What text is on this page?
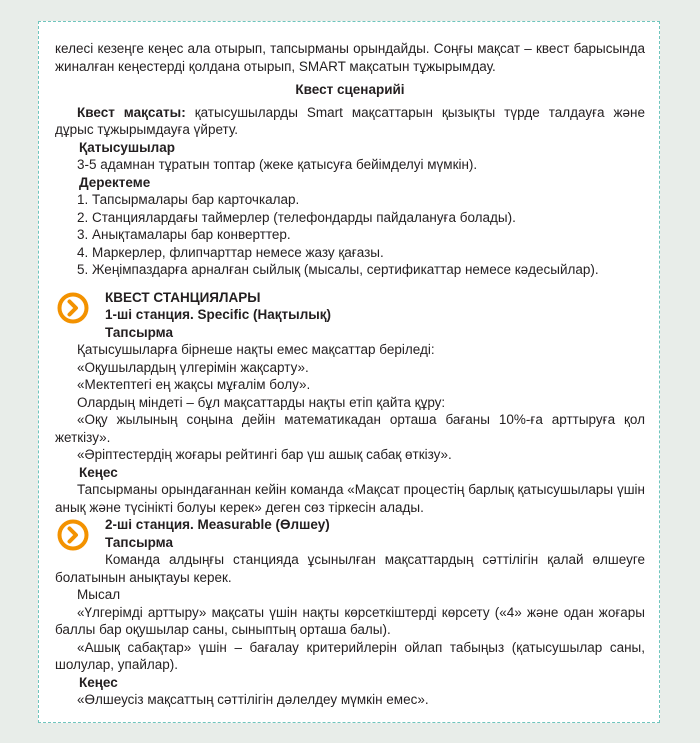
келесі кезеңге кеңес ала отырып, тапсырманы орындайды. Соңғы мақсат – квест барысында жиналған кеңестерді қолдана отырып, SMART мақсатын тұжырымдау.

Квест сценарийі

Квест мақсаты: қатысушыларды Smart мақсаттарын қызықты түрде талдауға және дұрыс тұжырымдауға үйрету.

Қатысушылар

3-5 адамнан тұратын топтар (жеке қатысуға бейімделуі мүмкін).

Деректеме

1. Тапсырмалары бар карточкалар.

2. Станциялардағы таймерлер (телефондарды пайдалануға болады).

3. Анықтамалары бар конверттер.

4. Маркерлер, флипчарттар немесе жазу қағазы.

5. Жеңімпаздарға арналған сыйлық (мысалы, сертификаттар немесе кәдесыйлар).

КВЕСТ СТАНЦИЯЛАРЫ

1-ші станция. Specific (Нақтылық)

Тапсырма

Қатысушыларға бірнеше нақты емес мақсаттар беріледі:

«Оқушылардың үлгерімін жақсарту».

«Мектептегі ең жақсы мұғалім болу».

Олардың міндеті – бұл мақсаттарды нақты етіп қайта құру:

«Оқу жылының соңына дейін математикадан орташа бағаны 10%-ға арттыруға қол жеткізу».

«Әріптестердің жоғары рейтингі бар үш ашық сабақ өткізу».

Кеңес

Тапсырманы орындағаннан кейін команда «Мақсат процестің барлық қатысушылары үшін анық және түсінікті болуы керек» деген сөз тіркесін алады.

2-ші станция. Measurable (Өлшеу)

Тапсырма

Команда алдыңғы станцияда ұсынылған мақсаттардың сәттілігін қалай өлшеуге болатынын анықтауы керек.

Мысал

«Үлгерімді арттыру» мақсаты үшін нақты көрсеткіштерді көрсету («4» және одан жоғары баллы бар оқушылар саны, сыныптың орташа балы).

«Ашық сабақтар» үшін – бағалау критерийлерін ойлап табыңыз (қатысушылар саны, шолулар, упайлар).

Кеңес

«Өлшеусіз мақсаттың сәттілігін дәлелдеу мүмкін емес».
